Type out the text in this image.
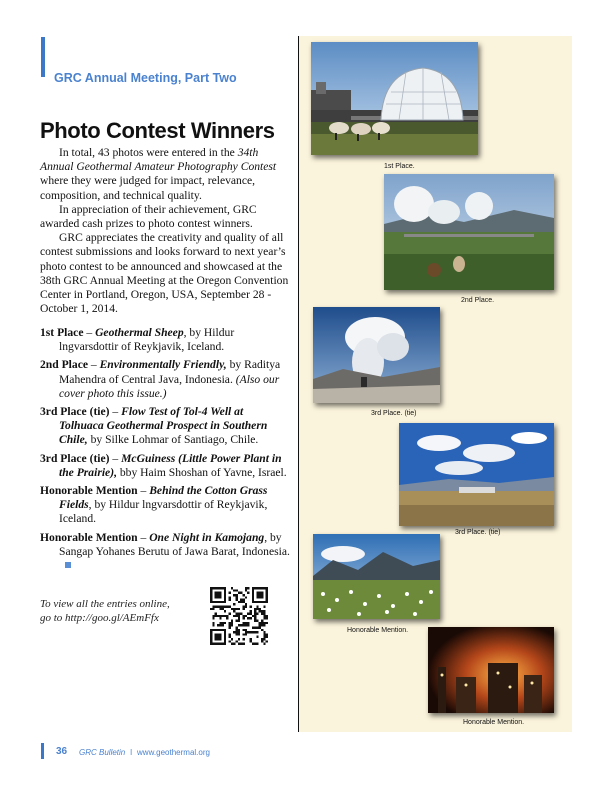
GRC Annual Meeting, Part Two
Photo Contest Winners

In total, 43 photos were entered in the 34th Annual Geothermal Amateur Photography Contest where they were judged for impact, relevance, composition, and technical quality.

In appreciation of their achievement, GRC awarded cash prizes to photo contest winners.

GRC appreciates the creativity and quality of all contest submissions and looks forward to next year’s photo contest to be announced and showcased at the 38th GRC Annual Meeting at the Oregon Convention Center in Portland, Oregon, USA, September 28 - October 1, 2014.

1st Place – Geothermal Sheep, by Hildur lngvarsdottir of Reykjavik, Iceland.
2nd Place – Environmentally Friendly, by Raditya Mahendra of Central Java, Indonesia. (Also our cover photo this issue.)
3rd Place (tie) – Flow Test of Tol-4 Well at Tolhuaca Geothermal Prospect in Southern Chile, by Silke Lohmar of Santiago, Chile.
3rd Place (tie) – McGuiness (Little Power Plant in the Prairie), bby Haim Shoshan of Yavne, Israel.
Honorable Mention – Behind the Cotton Grass Fields, by Hildur lngvarsdottir of Reykjavik, Iceland.
Honorable Mention – One Night in Kamojang, by Sangap Yohanes Berutu of Jawa Barat, Indonesia.
To view all the entries online,
go to http://goo.gl/AEmFfx
1st Place.
2nd Place.
3rd Place. (tie)
3rd Place. (tie)
Honorable Mention.
Honorable Mention.
36 GRC Bulletin l www.geothermal.org
